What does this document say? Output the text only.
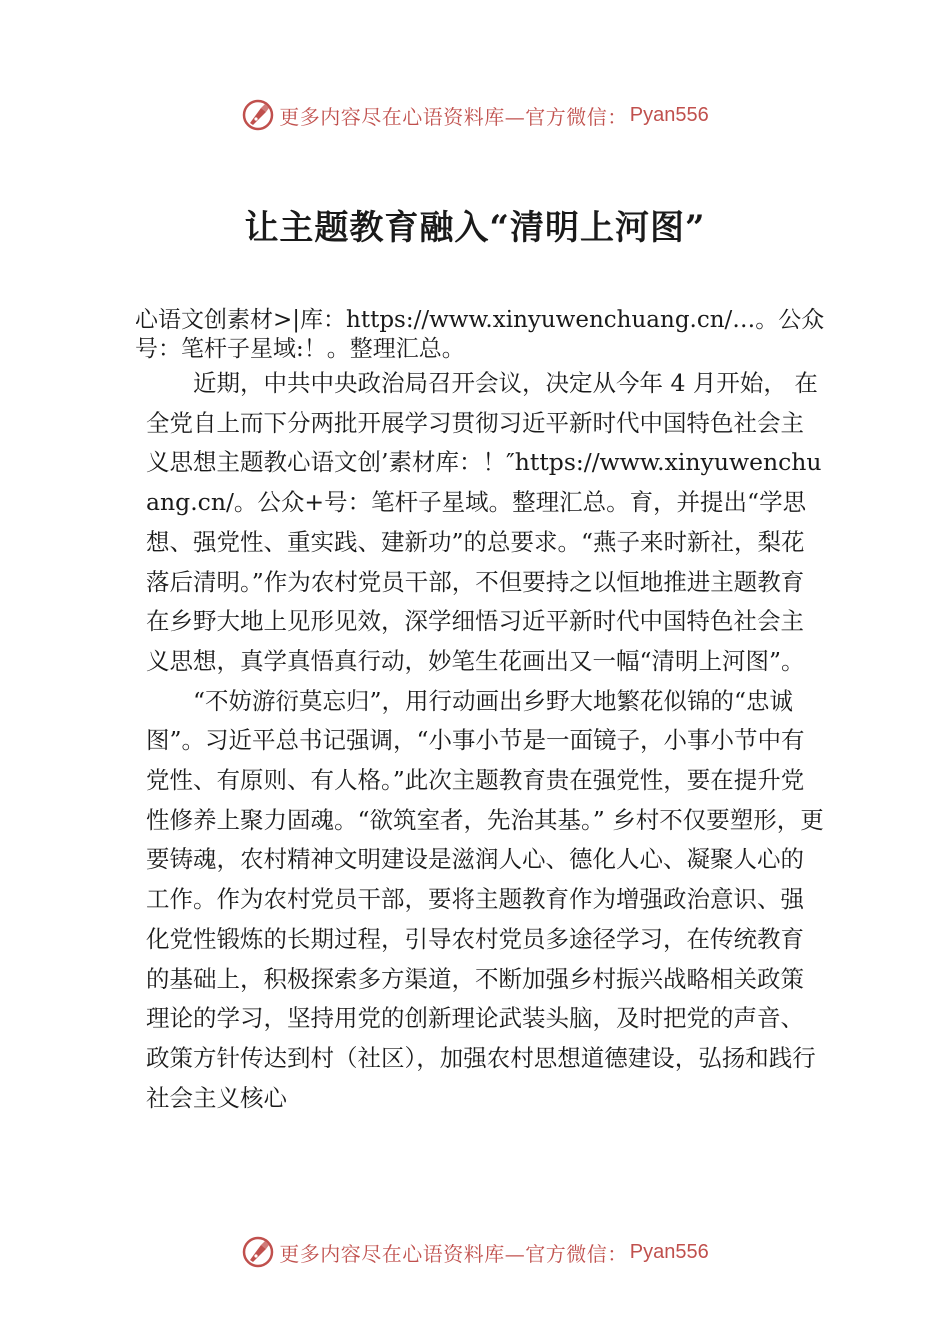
更多内容尽在心语资料库—官方微信： Pyan556
让主题教育融入“清明上河图”

心语文创素材>|库：https://www.xinyuwenchuang.cn/…。公众号：笔杆子星域:！。整理汇总。

近期，中共中央政治局召开会议，决定从今年 4 月开始， 在全党自上而下分两批开展学习贯彻习近平新时代中国特色社会主义思想主题教心语文创’素材库：！″https://www.xinyuwenchuang.cn/。公众+号：笔杆子星域。整理汇总。育，并提出“学思想、强党性、重实践、建新功”的总要求。“燕子来时新社，梨花落后清明。”作为农村党员干部，不但要持之以恒地推进主题教育在乡野大地上见形见效，深学细悟习近平新时代中国特色社会主义思想，真学真悟真行动，妙笔生花画出又一幅“清明上河图”。

“不妨游衍莫忘归”，用行动画出乡野大地繁花似锦的“忠诚图”。习近平总书记强调，“小事小节是一面镜子，小事小节中有党性、有原则、有人格。”此次主题教育贵在强党性，要在提升党性修养上聚力固魂。“欲筑室者，先治其基。” 乡村不仅要塑形，更要铸魂，农村精神文明建设是滋润人心、德化人心、凝聚人心的工作。作为农村党员干部，要将主题教育作为增强政治意识、强化党性锻炼的长期过程，引导农村党员多途径学习，在传统教育的基础上，积极探索多方渠道，不断加强乡村振兴战略相关政策理论的学习，坚持用党的创新理论武装头脑，及时把党的声音、政策方针传达到村（社区），加强农村思想道德建设，弘扬和践行社会主义核心

更多内容尽在心语资料库—官方微信： Pyan556
